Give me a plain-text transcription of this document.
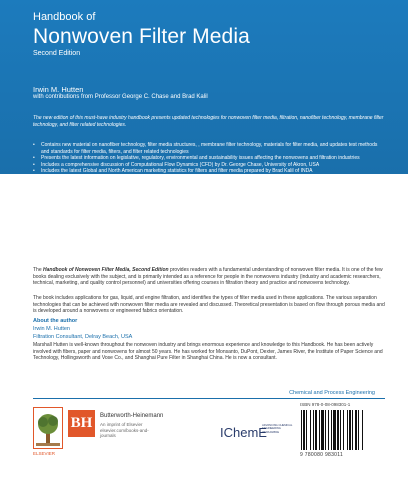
Handbook of
Nonwoven Filter Media
Second Edition
Irwin M. Hutten
with contributions from Professor George C. Chase and Brad Kalil
The new edition of this must-have industry handbook presents updated technologies for nonwoven filter media, filtration, nanofiber technology, membrane filter technology, and filter related technologies.
• Contains new material on nanofiber technology, filter media structures, , membrane filter technology, materials for filter media, and updates test methods and standards for filter media, filters, and filter related technologies
• Presents the latest information on legislative, regulatory, environmental and sustainability issues affecting the nonwovens and filtration industries
• Includes a comprehensive discussion of Computational Flow Dynamics (CFD) by Dr. George Chase, University of Akron, USA
• Includes the latest Global and North American marketing statistics for filters and filter media prepared by Brad Kalil of INDA
The Handbook of Nonwoven Filter Media, Second Edition provides readers with a fundamental understanding of nonwoven filter media. It is one of the few books dealing exclusively with the subject, and is primarily intended as a reference for people in the nonwovens industry (industry and academic researchers, technical, marketing, and quality control personnel) and universities offering courses in filtration theory and practice and nonwovens technology.
The book includes applications for gas, liquid, and engine filtration, and identifies the types of filter media used in these applications. The various separation technologies that can be achieved with nonwoven filter media are revealed and discussed. Theoretical presentation is based on flow through porous media and is developed around a nonwovens or engineered fabrics orientation.
About the author
Irwin M. Hutten
Filtration Consultant, Delray Beach, USA
Marshall Hutten is well-known throughout the nonwoven industry and brings enormous experience and knowledge to this Handbook. He has been actively involved with fibers, paper and nonwovens for almost 50 years. He has worked for Monsanto, DuPont, Dexter, James River, the Institute of Paper Science and Technology, Hollingsworth and Vose Co., and Shanghai Pure Filter in Shanghai China. He is now a consultant.
Chemical and Process Engineering
ELSEVIER
BH	Butterworth-Heinemann
An imprint of Elsevier elsevier.com/books-and-journals	IChemE
ADVANCING CHEMICAL ENGINEERING WORLDWIDE
ISBN 978-0-08-098301-1
9 780080 983011
